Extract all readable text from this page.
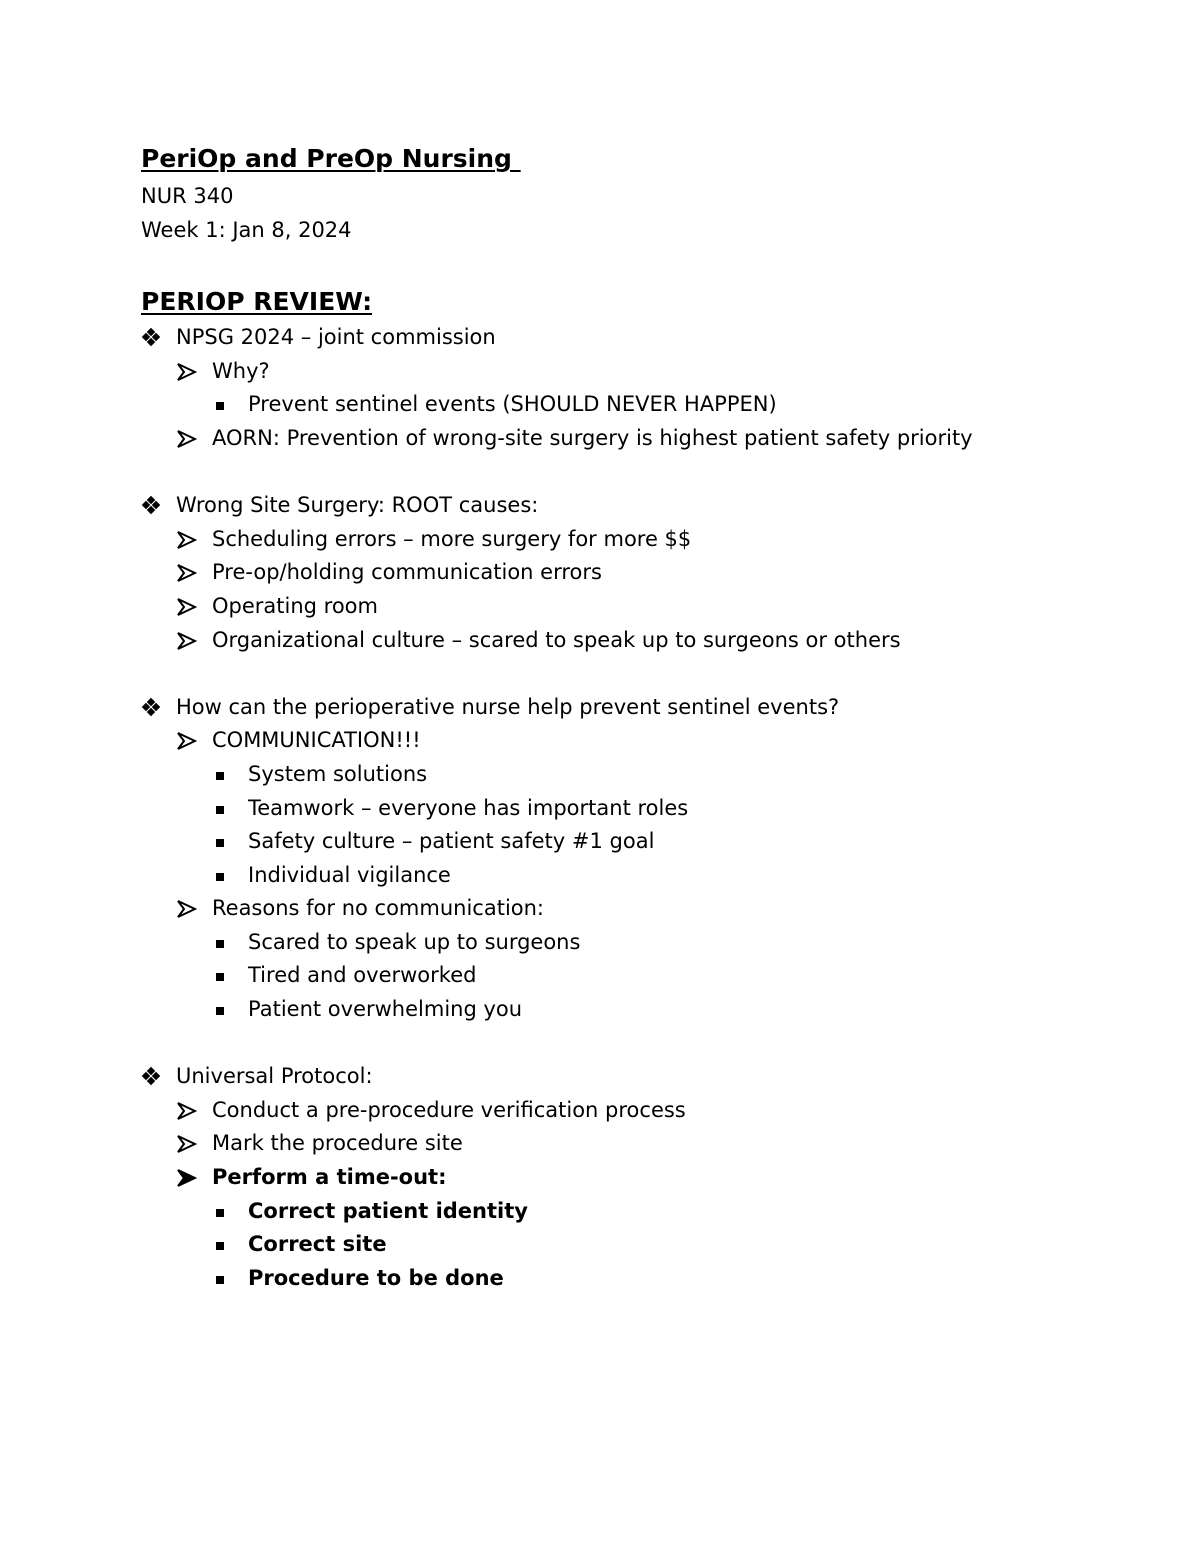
PeriOp and PreOp Nursing
NUR 340
Week 1: Jan 8, 2024
PERIOP REVIEW:
NPSG 2024 – joint commission
Why?
Prevent sentinel events (SHOULD NEVER HAPPEN)
AORN: Prevention of wrong-site surgery is highest patient safety priority
Wrong Site Surgery: ROOT causes:
Scheduling errors – more surgery for more $$
Pre-op/holding communication errors
Operating room
Organizational culture – scared to speak up to surgeons or others
How can the perioperative nurse help prevent sentinel events?
COMMUNICATION!!!
System solutions
Teamwork – everyone has important roles
Safety culture – patient safety #1 goal
Individual vigilance
Reasons for no communication:
Scared to speak up to surgeons
Tired and overworked
Patient overwhelming you
Universal Protocol:
Conduct a pre-procedure verification process
Mark the procedure site
Perform a time-out:
Correct patient identity
Correct site
Procedure to be done
